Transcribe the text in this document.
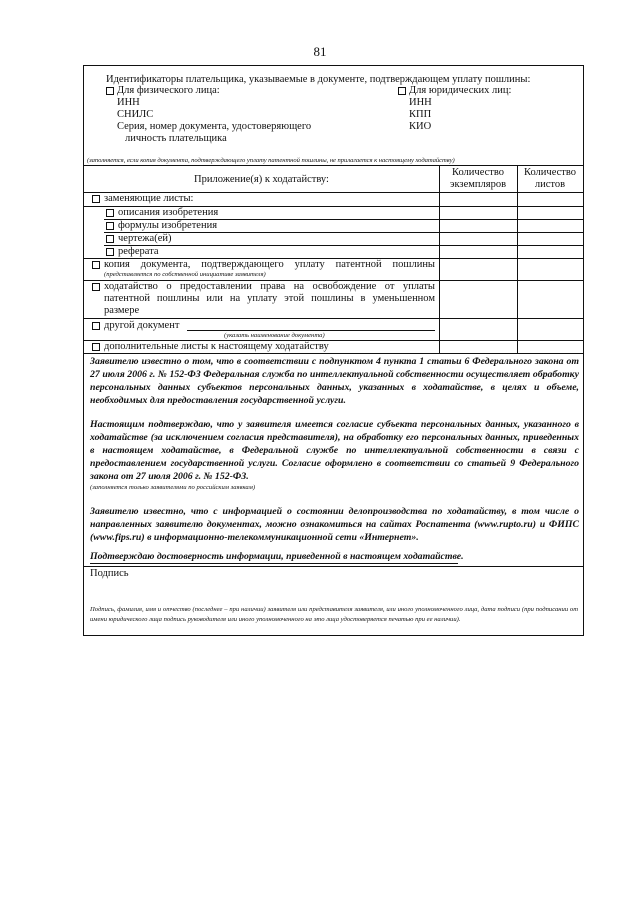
81
Идентификаторы плательщика, указываемые в документе, подтверждающем уплату пошлины:
Для физического лица:
ИНН
СНИЛС
Серия, номер документа, удостоверяющего
личность плательщика
Для юридических лиц:
ИНН
КПП
КИО
(заполняется, если копия документа, подтверждающего уплату патентной пошлины, не прилагается к настоящему ходатайству)
Приложение(я) к ходатайству:
Количество
экземпляров
Количество
листов
заменяющие листы:
описания изобретения
формулы изобретения
чертежа(ей)
реферата
копия документа, подтверждающего уплату патентной пошлины
(представляется по собственной инициативе заявителя)
ходатайство о предоставлении права на освобождение от уплаты
патентной пошлины или на уплату этой пошлины в уменьшенном
размере
другой документ
(указать наименование документа)
дополнительные листы к настоящему ходатайству

Заявителю известно о том, что в соответствии с подпунктом 4 пункта 1 статьи 6 Федерального закона от 27 июля 2006 г. № 152-ФЗ Федеральная служба по интеллектуальной собственности осуществляет обработку персональных данных субъектов персональных данных, указанных в ходатайстве, в целях и объеме, необходимых для предоставления государственной услуги.

Настоящим подтверждаю, что у заявителя имеется согласие субъекта персональных данных, указанного в ходатайстве (за исключением согласия представителя), на обработку его персональных данных, приведенных в настоящем ходатайстве, в Федеральной службе по интеллектуальной собственности в связи с предоставлением государственной услуги. Согласие оформлено в соответствии со статьей 9 Федерального закона от 27 июля 2006 г. № 152-ФЗ.

(заполняется только заявителями по российским заявкам)

Заявителю известно, что с информацией о состоянии делопроизводства по ходатайству, в том числе о направленных заявителю документах, можно ознакомиться на сайтах Роспатента (www.rupto.ru) и ФИПС (www.fips.ru) в информационно-телекоммуникационной сети «Интернет».

Подтверждаю достоверность информации, приведенной в настоящем ходатайстве.
Подпись
Подпись, фамилия, имя и отчество (последнее – при наличии) заявителя или представителя заявителя, или иного уполномоченного лица, дата подписи (при подписании от имени юридического лица подпись руководителя или иного уполномоченного на это лица удостоверяется печатью при ее наличии).
